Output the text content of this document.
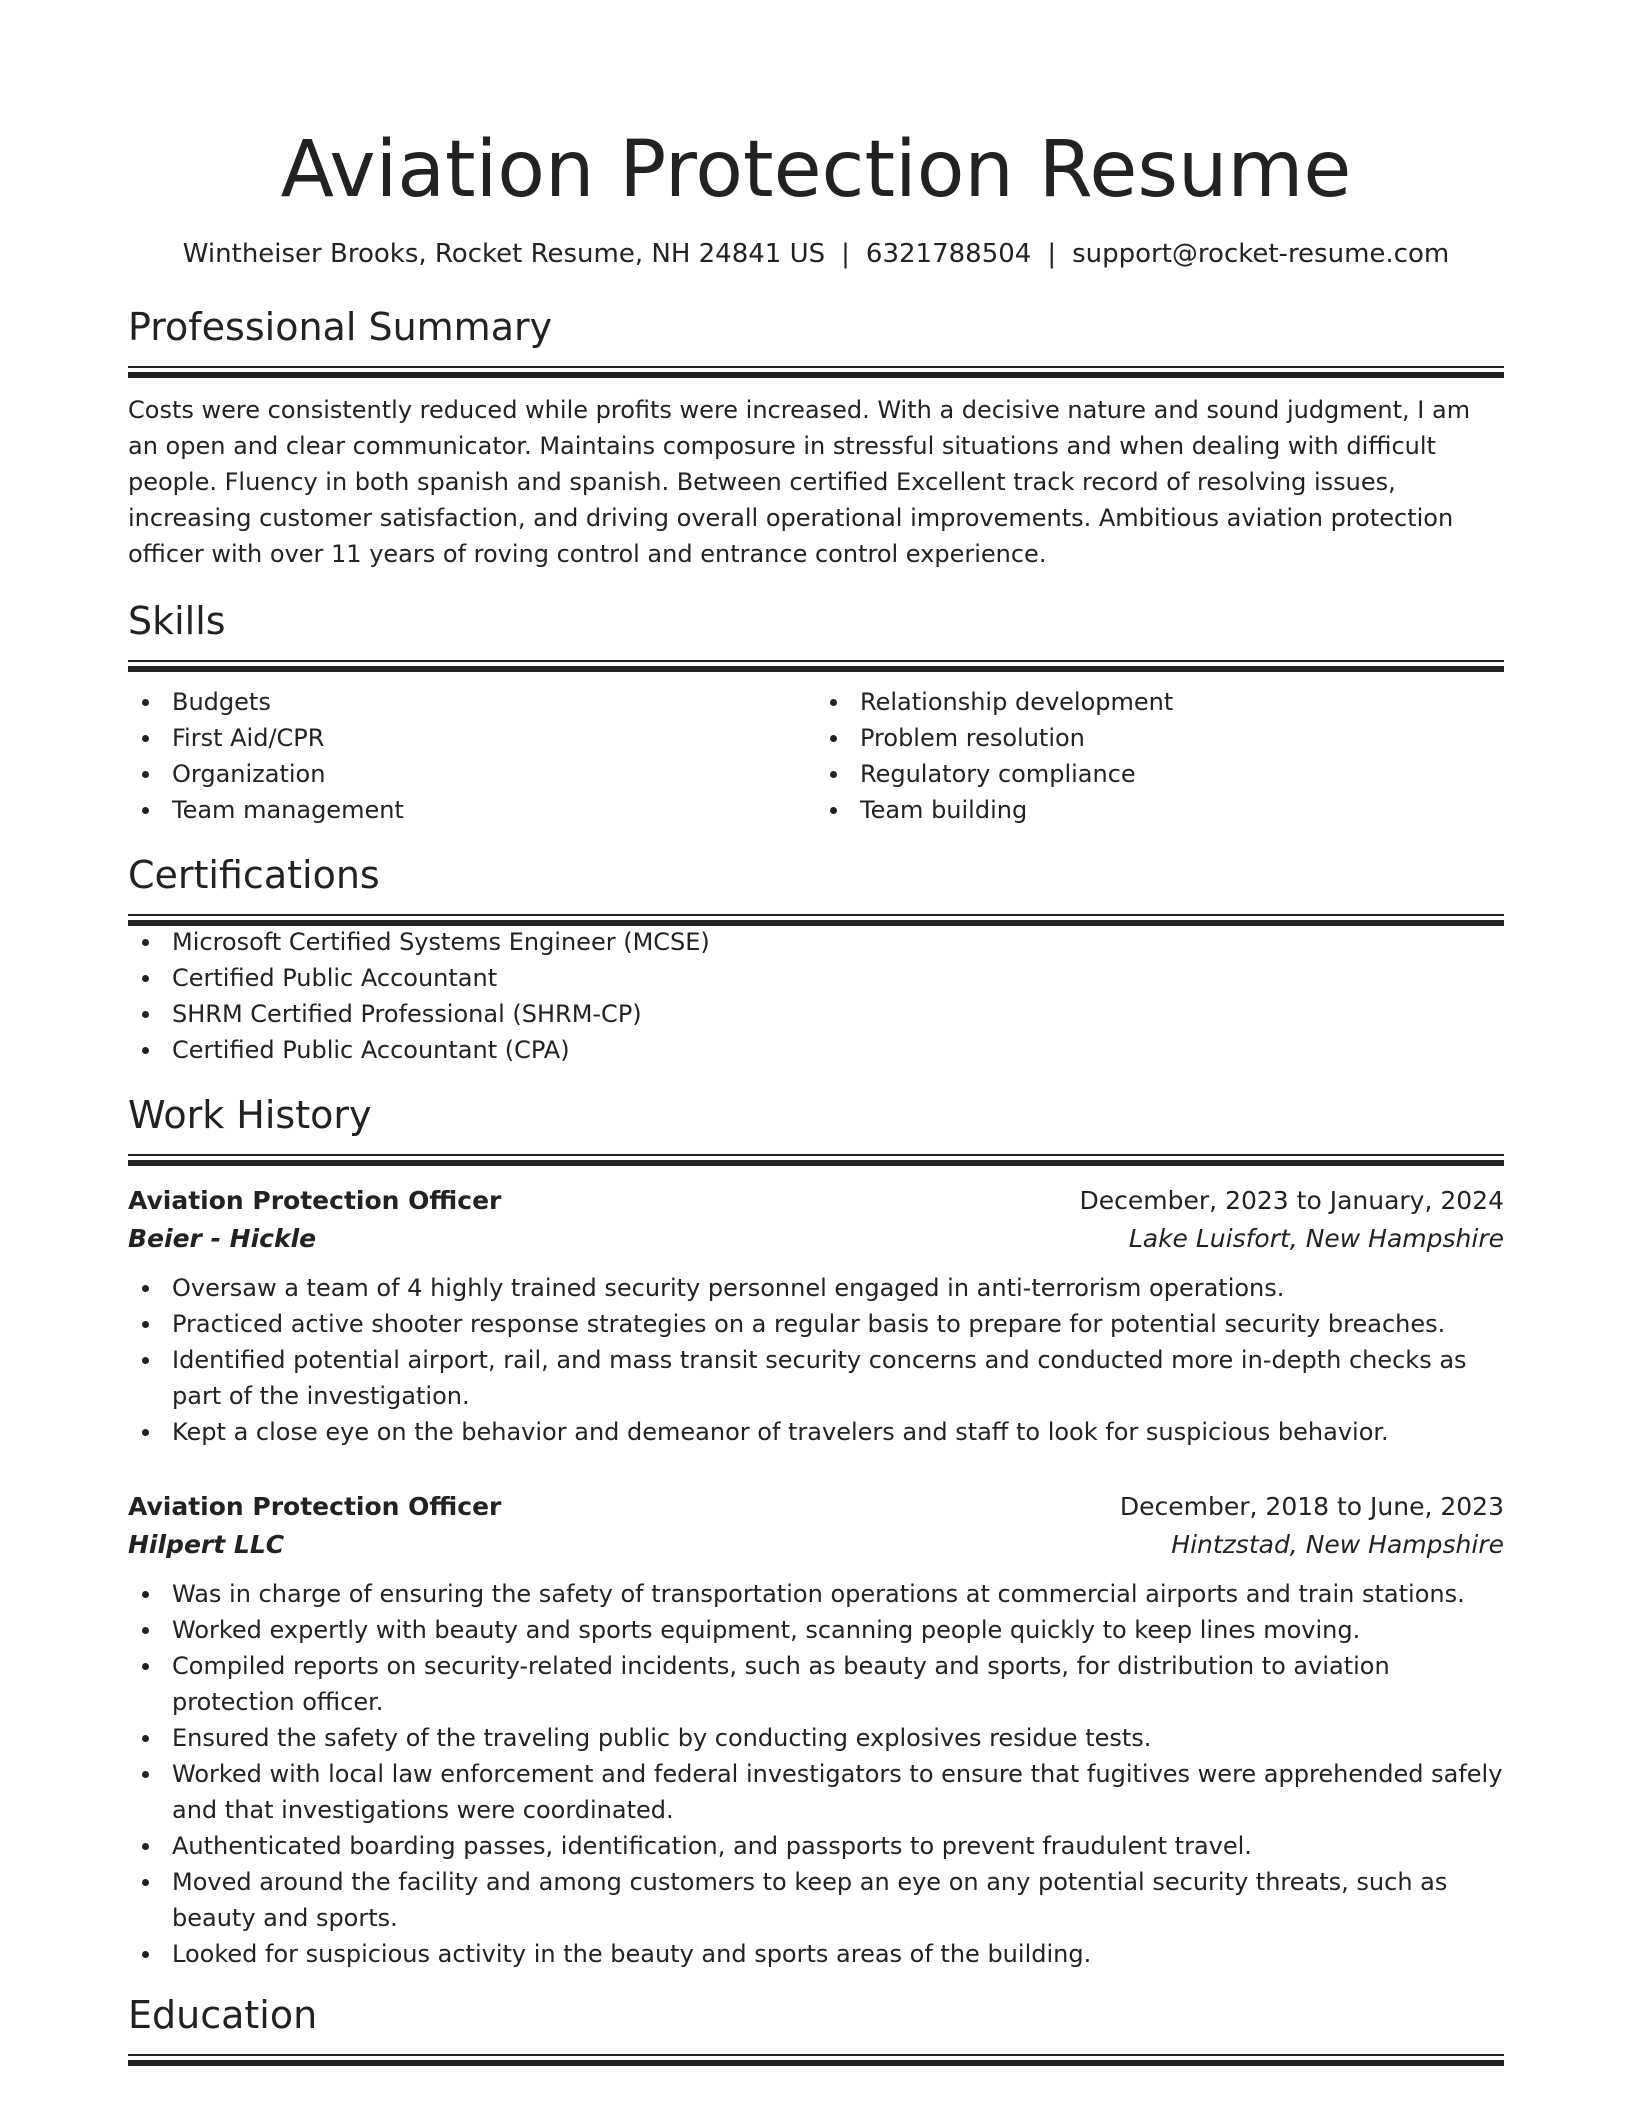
Aviation Protection Resume
Wintheiser Brooks, Rocket Resume, NH 24841 US | 6321788504 | support@rocket-resume.com
Professional Summary

Costs were consistently reduced while profits were increased. With a decisive nature and sound judgment, I am an open and clear communicator. Maintains composure in stressful situations and when dealing with difficult people. Fluency in both spanish and spanish. Between certified Excellent track record of resolving issues, increasing customer satisfaction, and driving overall operational improvements. Ambitious aviation protection officer with over 11 years of roving control and entrance control experience.

Skills
Budgets
First Aid/CPR
Organization
Team management
Relationship development
Problem resolution
Regulatory compliance
Team building
Certifications
Microsoft Certified Systems Engineer (MCSE)
Certified Public Accountant
SHRM Certified Professional (SHRM-CP)
Certified Public Accountant (CPA)
Work History
Aviation Protection Officer	December, 2023 to January, 2024
Beier - Hickle	Lake Luisfort, New Hampshire
Oversaw a team of 4 highly trained security personnel engaged in anti-terrorism operations.
Practiced active shooter response strategies on a regular basis to prepare for potential security breaches.
Identified potential airport, rail, and mass transit security concerns and conducted more in-depth checks as part of the investigation.
Kept a close eye on the behavior and demeanor of travelers and staff to look for suspicious behavior.
Aviation Protection Officer	December, 2018 to June, 2023
Hilpert LLC	Hintzstad, New Hampshire
Was in charge of ensuring the safety of transportation operations at commercial airports and train stations.
Worked expertly with beauty and sports equipment, scanning people quickly to keep lines moving.
Compiled reports on security-related incidents, such as beauty and sports, for distribution to aviation protection officer.
Ensured the safety of the traveling public by conducting explosives residue tests.
Worked with local law enforcement and federal investigators to ensure that fugitives were apprehended safely and that investigations were coordinated.
Authenticated boarding passes, identification, and passports to prevent fraudulent travel.
Moved around the facility and among customers to keep an eye on any potential security threats, such as beauty and sports.
Looked for suspicious activity in the beauty and sports areas of the building.
Education
